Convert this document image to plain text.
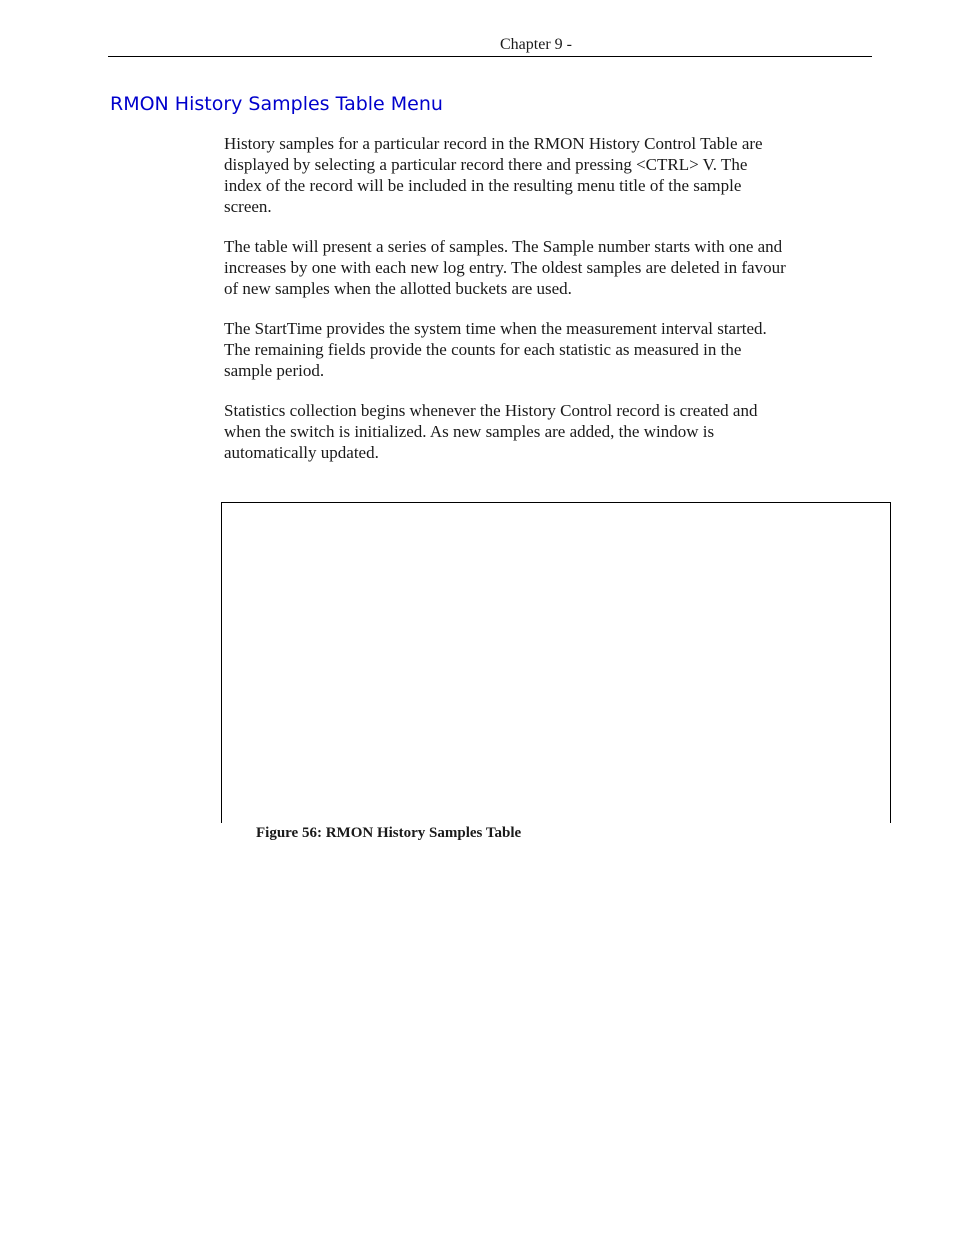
Chapter 9 -
RMON History Samples Table Menu

History samples for a particular record in the RMON History Control Table are
displayed by selecting a particular record there and pressing <CTRL> V. The
index of the record will be included in the resulting menu title of the sample
screen.

The table will present a series of samples. The Sample number starts with one and
increases by one with each new log entry. The oldest samples are deleted in favour
of new samples when the allotted buckets are used.

The StartTime provides the system time when the measurement interval started.
The remaining fields provide the counts for each statistic as measured in the
sample period.

Statistics collection begins whenever the History Control record is created and
when the switch is initialized. As new samples are added, the window is
automatically updated.

Figure 56: RMON History Samples Table
